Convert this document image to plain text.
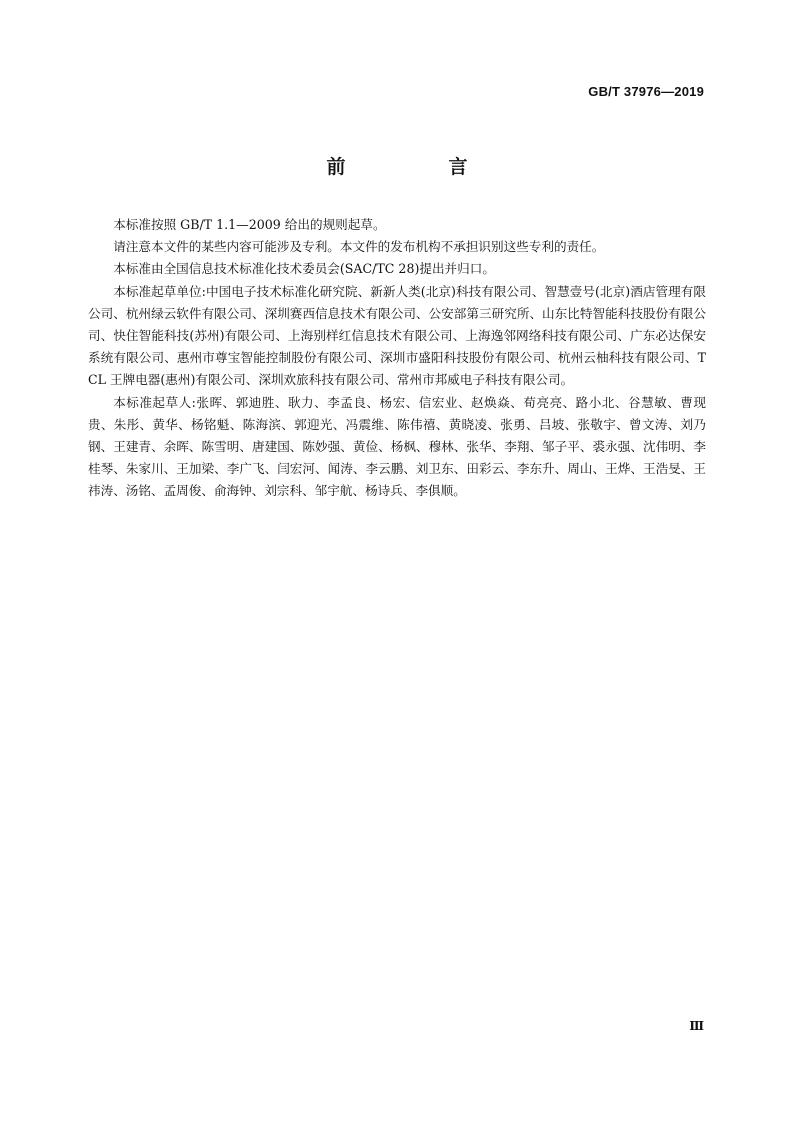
GB/T 37976—2019
前　言

本标准按照 GB/T 1.1—2009 给出的规则起草。

请注意本文件的某些内容可能涉及专利。本文件的发布机构不承担识别这些专利的责任。

本标准由全国信息技术标准化技术委员会(SAC/TC 28)提出并归口。

本标准起草单位:中国电子技术标准化研究院、新新人类(北京)科技有限公司、智慧壹号(北京)酒店管理有限公司、杭州绿云软件有限公司、深圳赛西信息技术有限公司、公安部第三研究所、山东比特智能科技股份有限公司、快住智能科技(苏州)有限公司、上海别样红信息技术有限公司、上海逸邻网络科技有限公司、广东必达保安系统有限公司、惠州市尊宝智能控制股份有限公司、深圳市盛阳科技股份有限公司、杭州云柚科技有限公司、TCL 王牌电器(惠州)有限公司、深圳欢旅科技有限公司、常州市邦威电子科技有限公司。

本标准起草人:张晖、郭迪胜、耿力、李孟良、杨宏、信宏业、赵焕焱、荀亮亮、路小北、谷慧敏、曹现贵、朱彤、黄华、杨铭魁、陈海滨、郭迎光、冯震维、陈伟禧、黄晓凌、张勇、吕坡、张敬宇、曾文涛、刘乃钢、王建青、余晖、陈雪明、唐建国、陈妙强、黄俭、杨枫、穆林、张华、李翔、邹子平、裘永强、沈伟明、李桂琴、朱家川、王加梁、李广飞、闫宏河、闻涛、李云鹏、刘卫东、田彩云、李东升、周山、王烨、王浩旻、王祎涛、汤铭、孟周俊、俞海钟、刘宗科、邹宇航、杨诗兵、李俱顺。

Ⅲ
